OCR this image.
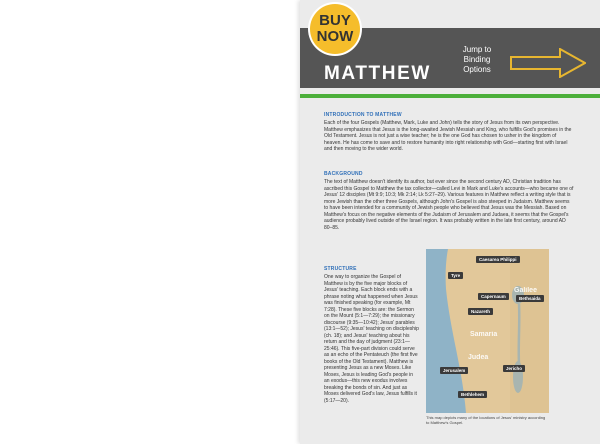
MATTHEW
Jump to
Binding
Options
BUY
NOW
INTRODUCTION TO MATTHEW

Each of the four Gospels (Matthew, Mark, Luke and John) tells the story of Jesus from its own perspective. Matthew emphasizes that Jesus is the long-awaited Jewish Messiah and King, who fulfills God's promises in the Old Testament. Jesus is not just a wise teacher; he is the one God has chosen to usher in the kingdom of heaven. He has come to save and to restore humanity into right relationship with God—starting first with Israel and then moving to the wider world.

BACKGROUND

The text of Matthew doesn't identify its author, but ever since the second century AD, Christian tradition has ascribed this Gospel to Matthew the tax collector—called Levi in Mark and Luke's accounts—who became one of Jesus' 12 disciples (Mt 9:9; 10:3; Mk 2:14; Lk 5:27–29). Various features in Matthew reflect a writing style that is more Jewish than the other three Gospels, although John's Gospel is also steeped in Judaism. Matthew seems to have been intended for a community of Jewish people who believed that Jesus was the Messiah. Based on Matthew's focus on the negative elements of the Judaism of Jerusalem and Judaea, it seems that the Gospel's audience probably lived outside of the Israel region. It was probably written in the late first century, around AD 80–85.

STRUCTURE

One way to organize the Gospel of Matthew is by the five major blocks of Jesus' teaching. Each block ends with a phrase noting what happened when Jesus was finished speaking (for example, Mt 7:28). These five blocks are: the Sermon on the Mount (5:1—7:29); the missionary discourse (9:35—10:42); Jesus' parables (13:1—52); Jesus' teaching on discipleship (ch. 18); and Jesus' teaching about his return and the day of judgment (23:1—25:46). This five-part division could serve as an echo of the Pentateuch (the first five books of the Old Testament). Matthew is presenting Jesus as a new Moses. Like Moses, Jesus is leading God's people in an exodus—this new exodus involves breaking the bonds of sin. And just as Moses delivered God's law, Jesus fulfills it (5:17—20).

Galilee
Samaria
Judea
Caesarea Philippi
Tyre
Capernaum	Bethsaida
Nazareth
Jericho
Jerusalem
Bethlehem
This map depicts many of the locations of Jesus' ministry according to Matthew's Gospel.
